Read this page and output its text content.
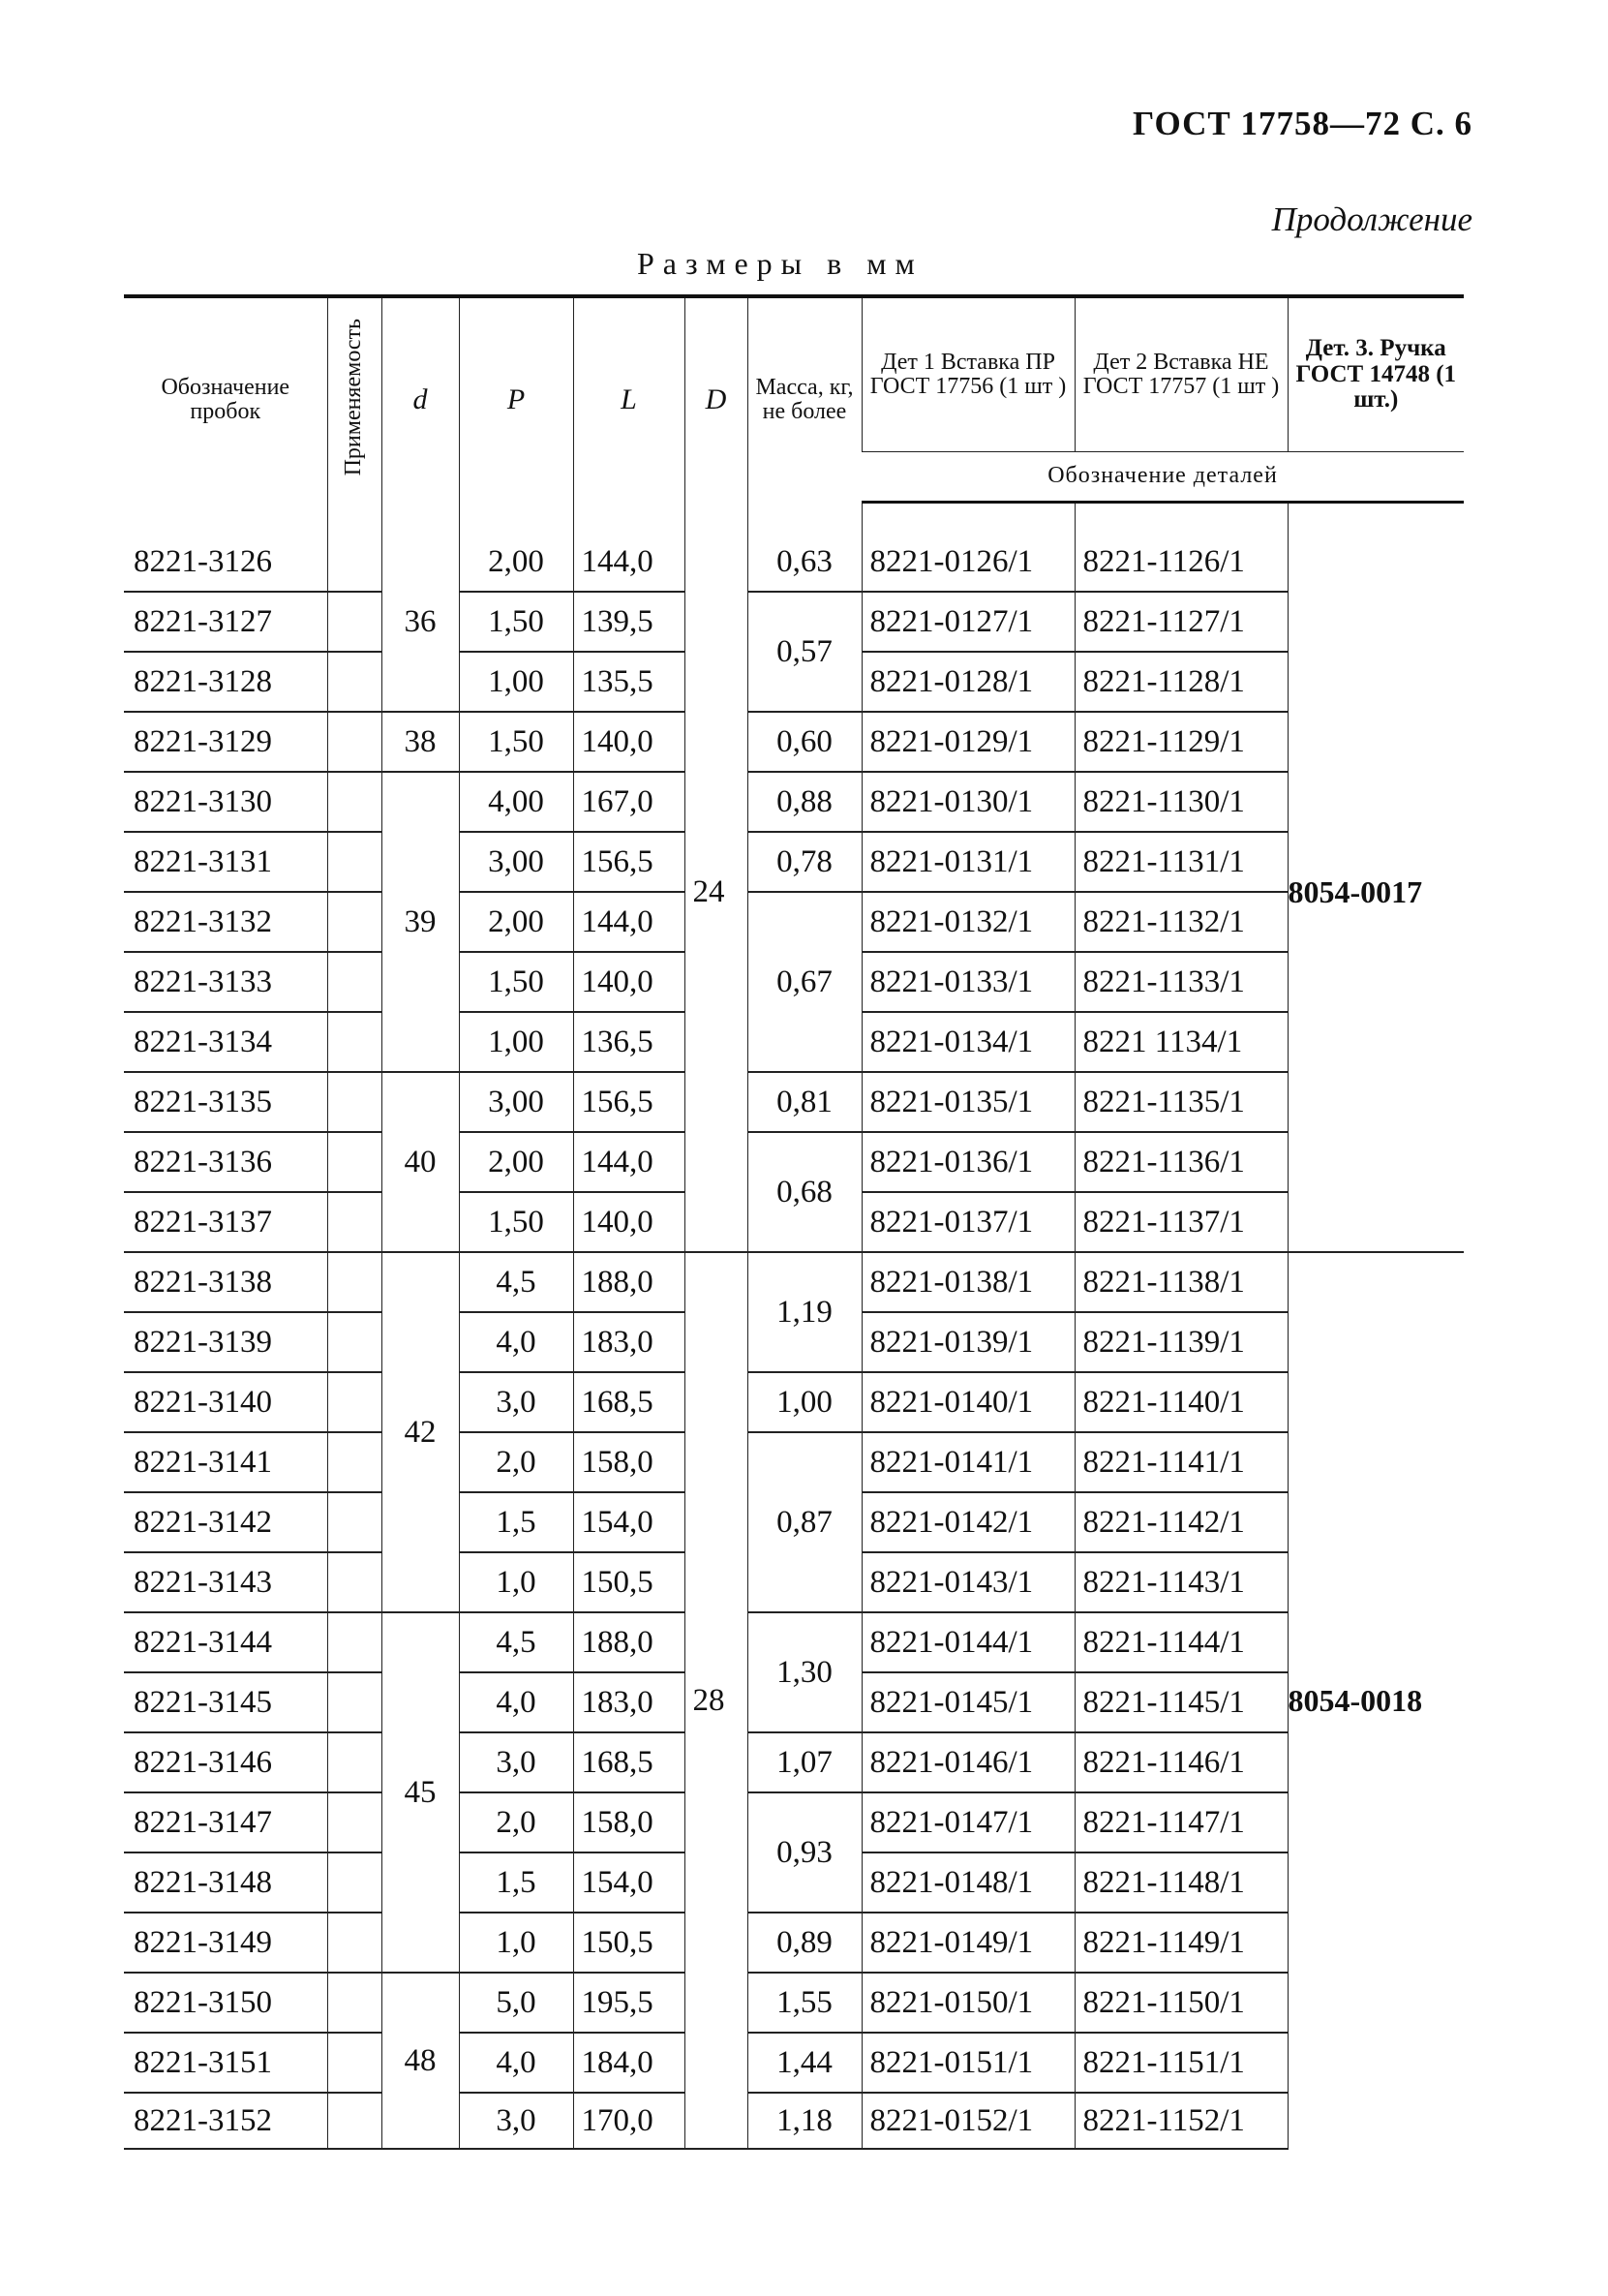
ГОСТ 17758—72 С. 6
Продолжение
Размеры в мм
Обозначение пробок	Применяемость	d	P	L	D	Масса, кг, не более	Дет 1 Вставка ПР ГОСТ 17756 (1 шт )	Дет 2 Вставка НЕ ГОСТ 17757 (1 шт )	Дет. 3. Ручка ГОСТ 14748 (1 шт.)
							Обозначение деталей		

8221-3126		36	2,00	144,0	24	0,63	8221-0126/1	8221-1126/1	8054-0017
8221-3127			1,50	139,5		0,57	8221-0127/1	8221-1127/1	
8221-3128			1,00	135,5			8221-0128/1	8221-1128/1	
8221-3129		38	1,50	140,0		0,60	8221-0129/1	8221-1129/1	
8221-3130		39	4,00	167,0		0,88	8221-0130/1	8221-1130/1	
8221-3131			3,00	156,5		0,78	8221-0131/1	8221-1131/1	
8221-3132			2,00	144,0		0,67	8221-0132/1	8221-1132/1	
8221-3133			1,50	140,0			8221-0133/1	8221-1133/1	
8221-3134			1,00	136,5			8221-0134/1	8221 1134/1	
8221-3135		40	3,00	156,5		0,81	8221-0135/1	8221-1135/1	
8221-3136			2,00	144,0		0,68	8221-0136/1	8221-1136/1	
8221-3137			1,50	140,0			8221-0137/1	8221-1137/1	
8221-3138		42	4,5	188,0	28	1,19	8221-0138/1	8221-1138/1	8054-0018
8221-3139			4,0	183,0			8221-0139/1	8221-1139/1	
8221-3140			3,0	168,5		1,00	8221-0140/1	8221-1140/1	
8221-3141			2,0	158,0		0,87	8221-0141/1	8221-1141/1	
8221-3142			1,5	154,0			8221-0142/1	8221-1142/1	
8221-3143			1,0	150,5			8221-0143/1	8221-1143/1	
8221-3144		45	4,5	188,0		1,30	8221-0144/1	8221-1144/1	
8221-3145			4,0	183,0			8221-0145/1	8221-1145/1	
8221-3146			3,0	168,5		1,07	8221-0146/1	8221-1146/1	
8221-3147			2,0	158,0		0,93	8221-0147/1	8221-1147/1	
8221-3148			1,5	154,0			8221-0148/1	8221-1148/1	
8221-3149			1,0	150,5		0,89	8221-0149/1	8221-1149/1	
8221-3150		48	5,0	195,5		1,55	8221-0150/1	8221-1150/1	
8221-3151			4,0	184,0		1,44	8221-0151/1	8221-1151/1	
8221-3152			3,0	170,0		1,18	8221-0152/1	8221-1152/1	
